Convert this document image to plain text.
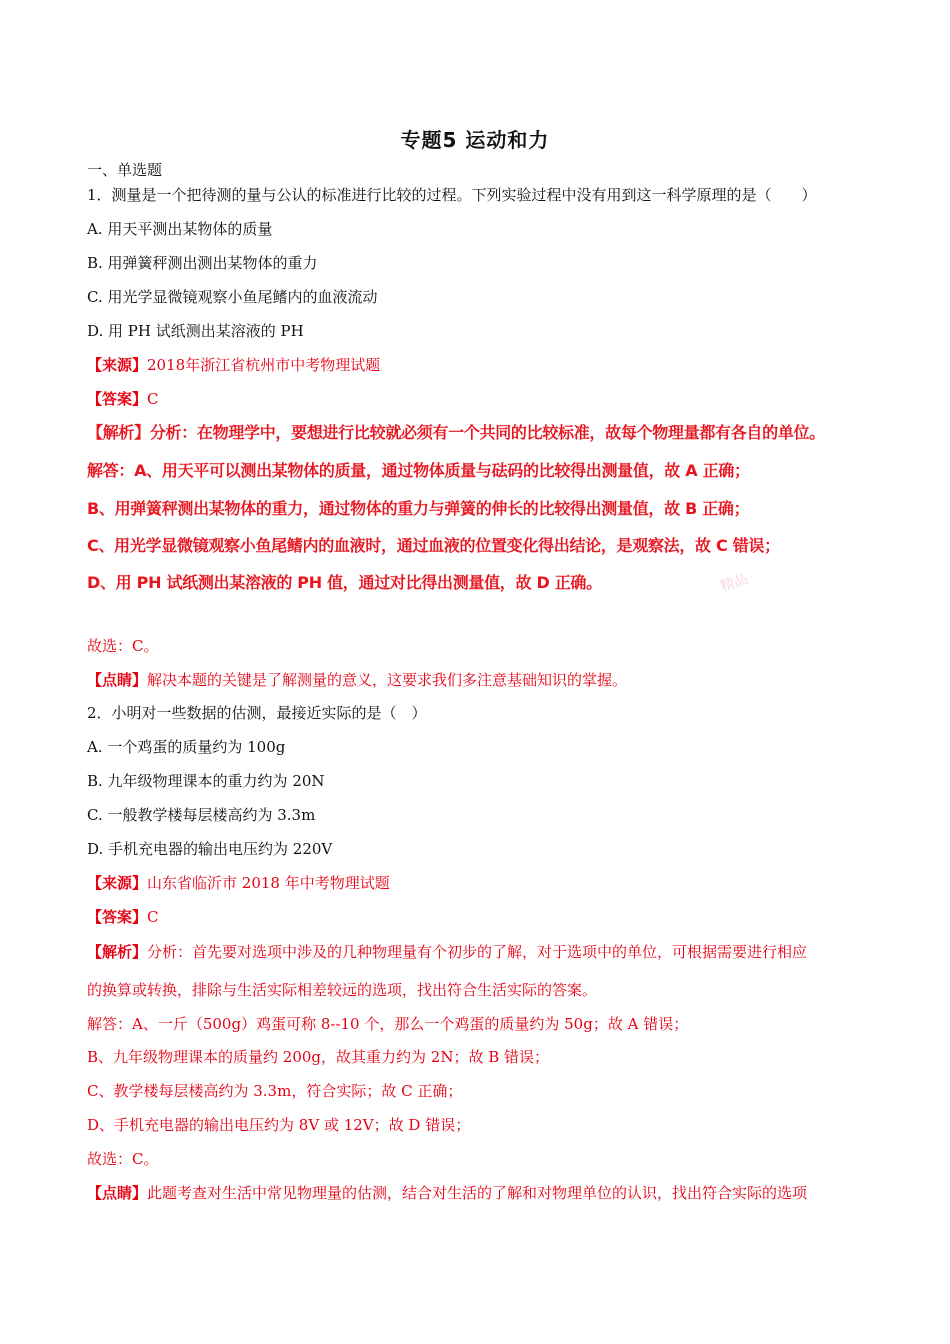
专题5 运动和力
一、单选题
1．测量是一个把待测的量与公认的标准进行比较的过程。下列实验过程中没有用到这一科学原理的是（　　）
A. 用天平测出某物体的质量
B. 用弹簧秤测出测出某物体的重力
C. 用光学显微镜观察小鱼尾鳍内的血液流动
D. 用 PH 试纸测出某溶液的 PH
【来源】2018年浙江省杭州市中考物理试题
【答案】C
【解析】分析：在物理学中，要想进行比较就必须有一个共同的比较标准，故每个物理量都有各自的单位。
解答：A、用天平可以测出某物体的质量，通过物体质量与砝码的比较得出测量值，故 A 正确；
B、用弹簧秤测出某物体的重力，通过物体的重力与弹簧的伸长的比较得出测量值，故 B 正确；
C、用光学显微镜观察小鱼尾鳍内的血液时，通过血液的位置变化得出结论，是观察法，故 C 错误；
D、用 PH 试纸测出某溶液的 PH 值，通过对比得出测量值，故 D 正确。	精品
故选：C。
【点睛】解决本题的关键是了解测量的意义，这要求我们多注意基础知识的掌握。
2．小明对一些数据的估测，最接近实际的是（　）
A. 一个鸡蛋的质量约为 100g
B. 九年级物理课本的重力约为 20N
C. 一般教学楼每层楼高约为 3.3m
D. 手机充电器的输出电压约为 220V
【来源】山东省临沂市 2018 年中考物理试题
【答案】C
【解析】分析：首先要对选项中涉及的几种物理量有个初步的了解，对于选项中的单位，可根据需要进行相应
的换算或转换，排除与生活实际相差较远的选项，找出符合生活实际的答案。
解答：A、一斤（500g）鸡蛋可称 8--10 个，那么一个鸡蛋的质量约为 50g；故 A 错误；
B、九年级物理课本的质量约 200g，故其重力约为 2N；故 B 错误；
C、教学楼每层楼高约为 3.3m，符合实际；故 C 正确；
D、手机充电器的输出电压约为 8V 或 12V；故 D 错误；
故选：C。
【点睛】此题考查对生活中常见物理量的估测，结合对生活的了解和对物理单位的认识，找出符合实际的选项
